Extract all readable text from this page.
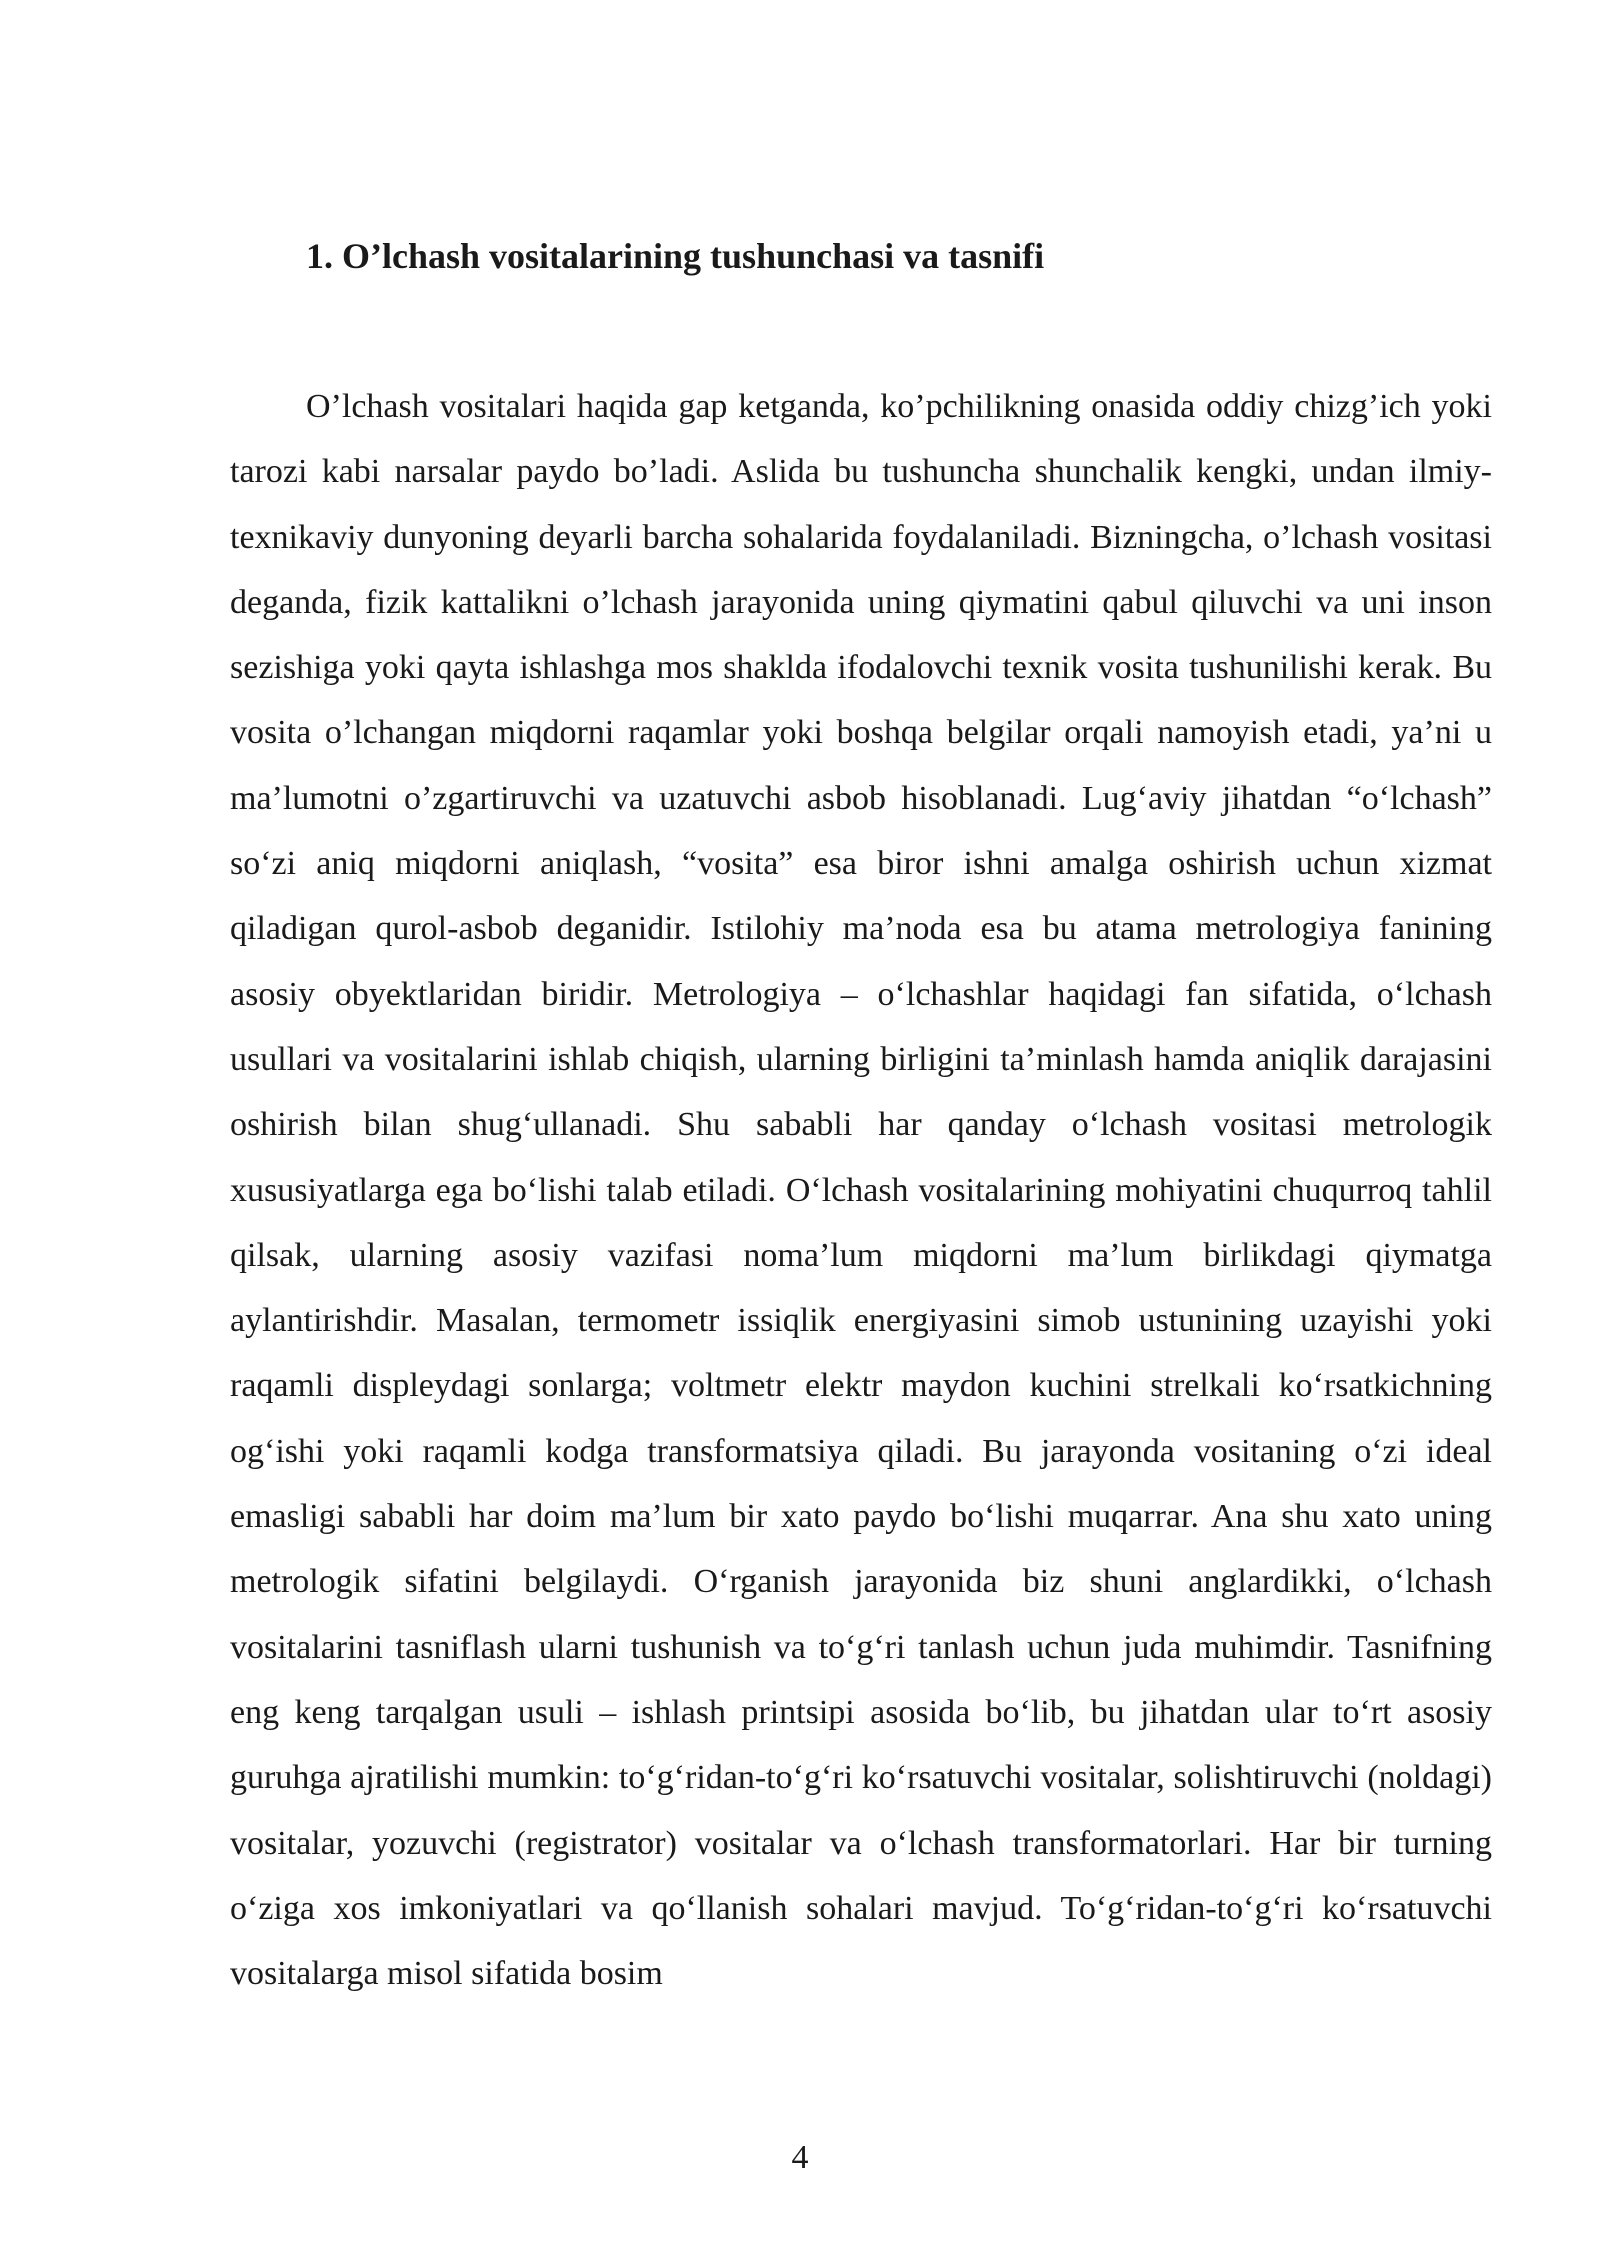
1. O’lchash vositalarining tushunchasi va tasnifi

O’lchash vositalari haqida gap ketganda, ko’pchilikning onasida oddiy chizg’ich yoki tarozi kabi narsalar paydo bo’ladi. Aslida bu tushuncha shunchalik kengki, undan ilmiy-texnikaviy dunyoning deyarli barcha sohalarida foydalaniladi. Bizningcha, o’lchash vositasi deganda, fizik kattalikni o’lchash jarayonida uning qiymatini qabul qiluvchi va uni inson sezishiga yoki qayta ishlashga mos shaklda ifodalovchi texnik vosita tushunilishi kerak. Bu vosita o’lchangan miqdorni raqamlar yoki boshqa belgilar orqali namoyish etadi, ya’ni u ma’lumotni o’zgartiruvchi va uzatuvchi asbob hisoblanadi. Lug‘aviy jihatdan “o‘lchash” so‘zi aniq miqdorni aniqlash, “vosita” esa biror ishni amalga oshirish uchun xizmat qiladigan qurol-asbob deganidir. Istilohiy ma’noda esa bu atama metrologiya fanining asosiy obyektlaridan biridir. Metrologiya – o‘lchashlar haqidagi fan sifatida, o‘lchash usullari va vositalarini ishlab chiqish, ularning birligini ta’minlash hamda aniqlik darajasini oshirish bilan shug‘ullanadi. Shu sababli har qanday o‘lchash vositasi metrologik xususiyatlarga ega bo‘lishi talab etiladi. O‘lchash vositalarining mohiyatini chuqurroq tahlil qilsak, ularning asosiy vazifasi noma’lum miqdorni ma’lum birlikdagi qiymatga aylantirishdir. Masalan, termometr issiqlik energiyasini simob ustunining uzayishi yoki raqamli displeydagi sonlarga; voltmetr elektr maydon kuchini strelkali ko‘rsatkichning og‘ishi yoki raqamli kodga transformatsiya qiladi. Bu jarayonda vositaning o‘zi ideal emasligi sababli har doim ma’lum bir xato paydo bo‘lishi muqarrar. Ana shu xato uning metrologik sifatini belgilaydi. O‘rganish jarayonida biz shuni anglardikki, o‘lchash vositalarini tasniflash ularni tushunish va to‘g‘ri tanlash uchun juda muhimdir. Tasnifning eng keng tarqalgan usuli – ishlash printsipi asosida bo‘lib, bu jihatdan ular to‘rt asosiy guruhga ajratilishi mumkin: to‘g‘ridan-to‘g‘ri ko‘rsatuvchi vositalar, solishtiruvchi (noldagi) vositalar, yozuvchi (registrator) vositalar va o‘lchash transformatorlari. Har bir turning o‘ziga xos imkoniyatlari va qo‘llanish sohalari mavjud. To‘g‘ridan-to‘g‘ri ko‘rsatuvchi vositalarga misol sifatida bosim

4
